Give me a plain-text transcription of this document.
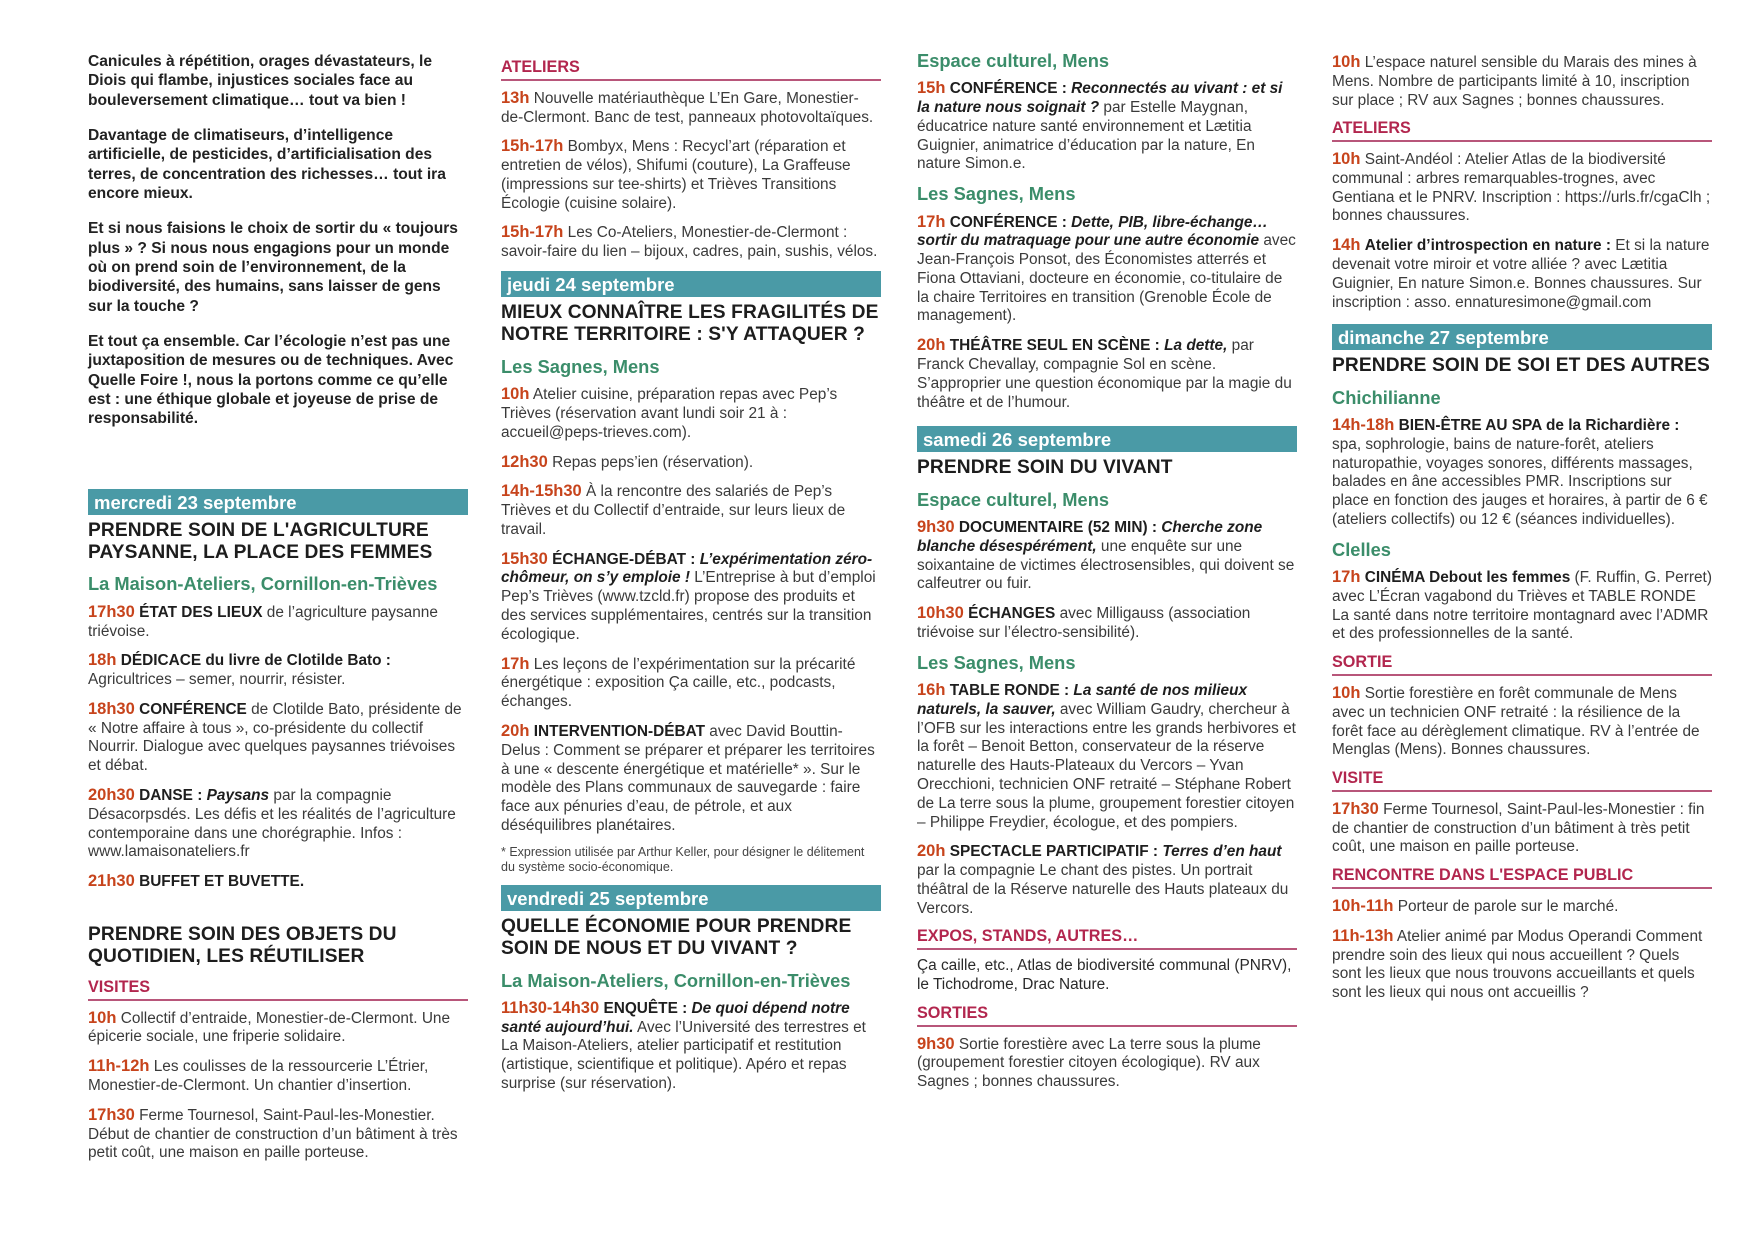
Canicules à répétition, orages dévastateurs, le Diois qui flambe, injustices sociales face au bouleversement climatique… tout va bien !

Davantage de climatiseurs, d’intelligence artificielle, de pesticides, d’artificialisation des terres, de concentration des richesses… tout ira encore mieux.

Et si nous faisions le choix de sortir du « toujours plus » ? Si nous nous engagions pour un monde où on prend soin de l’environnement, de la biodiversité, des humains, sans laisser de gens sur la touche ?

Et tout ça ensemble. Car l’écologie n’est pas une juxtaposition de mesures ou de techniques. Avec Quelle Foire !, nous la portons comme ce qu’elle est : une éthique globale et joyeuse de prise de responsabilité.

mercredi 23 septembre
PRENDRE SOIN DE L'AGRICULTURE PAYSANNE, LA PLACE DES FEMMES
La Maison-Ateliers, Cornillon-en-Trièves
17h30 ÉTAT DES LIEUX de l’agriculture paysanne triévoise.
18h DÉDICACE du livre de Clotilde Bato : Agricultrices – semer, nourrir, résister.
18h30 CONFÉRENCE de Clotilde Bato, présidente de « Notre affaire à tous », co-présidente du collectif Nourrir. Dialogue avec quelques paysannes triévoises et débat.
20h30 DANSE : Paysans par la compagnie Désacorpsdés. Les défis et les réalités de l’agriculture contemporaine dans une chorégraphie. Infos : www.lamaisonateliers.fr
21h30 BUFFET ET BUVETTE.
PRENDRE SOIN DES OBJETS DU QUOTIDIEN, LES RÉUTILISER
VISITES
10h Collectif d’entraide, Monestier-de-Clermont. Une épicerie sociale, une friperie solidaire.
11h-12h Les coulisses de la ressourcerie L’Étrier, Monestier-de-Clermont. Un chantier d’insertion.
17h30 Ferme Tournesol, Saint-Paul-les-Monestier. Début de chantier de construction d’un bâtiment à très petit coût, une maison en paille porteuse.
ATELIERS
13h Nouvelle matériauthèque L’En Gare, Monestier-de-Clermont. Banc de test, panneaux photovoltaïques.
15h-17h Bombyx, Mens : Recycl’art (réparation et entretien de vélos), Shifumi (couture), La Graffeuse (impressions sur tee-shirts) et Trièves Transitions Écologie (cuisine solaire).
15h-17h Les Co-Ateliers, Monestier-de-Clermont : savoir-faire du lien – bijoux, cadres, pain, sushis, vélos.
jeudi 24 septembre
MIEUX CONNAÎTRE LES FRAGILITÉS DE NOTRE TERRITOIRE : S'Y ATTAQUER ?
Les Sagnes, Mens
10h Atelier cuisine, préparation repas avec Pep’s Trièves (réservation avant lundi soir 21 à : accueil@peps-trieves.com).
12h30 Repas peps’ien (réservation).
14h-15h30 À la rencontre des salariés de Pep’s Trièves et du Collectif d’entraide, sur leurs lieux de travail.
15h30 ÉCHANGE-DÉBAT : L’expérimentation zéro-chômeur, on s’y emploie ! L’Entreprise à but d’emploi Pep’s Trièves (www.tzcld.fr) propose des produits et des services supplémentaires, centrés sur la transition écologique.
17h Les leçons de l’expérimentation sur la précarité énergétique : exposition Ça caille, etc., podcasts, échanges.
20h INTERVENTION-DÉBAT avec David Bouttin-Delus : Comment se préparer et préparer les territoires à une « descente énergétique et matérielle* ». Sur le modèle des Plans communaux de sauvegarde : faire face aux pénuries d’eau, de pétrole, et aux déséquilibres planétaires.
* Expression utilisée par Arthur Keller, pour désigner le délitement du système socio-économique.
vendredi 25 septembre
QUELLE ÉCONOMIE POUR PRENDRE SOIN DE NOUS ET DU VIVANT ?
La Maison-Ateliers, Cornillon-en-Trièves
11h30-14h30 ENQUÊTE : De quoi dépend notre santé aujourd’hui. Avec l’Université des terrestres et La Maison-Ateliers, atelier participatif et restitution (artistique, scientifique et politique). Apéro et repas surprise (sur réservation).
Espace culturel, Mens
15h CONFÉRENCE : Reconnectés au vivant : et si la nature nous soignait ? par Estelle Maygnan, éducatrice nature santé environnement et Lætitia Guignier, animatrice d’éducation par la nature, En nature Simon.e.
Les Sagnes, Mens
17h CONFÉRENCE : Dette, PIB, libre-échange… sortir du matraquage pour une autre économie avec Jean-François Ponsot, des Économistes atterrés et Fiona Ottaviani, docteure en économie, co-titulaire de la chaire Territoires en transition (Grenoble École de management).
20h THÉÂTRE SEUL EN SCÈNE : La dette, par Franck Chevallay, compagnie Sol en scène. S’approprier une question économique par la magie du théâtre et de l’humour.
samedi 26 septembre
PRENDRE SOIN DU VIVANT
Espace culturel, Mens
9h30 DOCUMENTAIRE (52 MIN) : Cherche zone blanche désespérément, une enquête sur une soixantaine de victimes électrosensibles, qui doivent se calfeutrer ou fuir.
10h30 ÉCHANGES avec Milligauss (association triévoise sur l’électro-sensibilité).
Les Sagnes, Mens
16h TABLE RONDE : La santé de nos milieux naturels, la sauver, avec William Gaudry, chercheur à l’OFB sur les interactions entre les grands herbivores et la forêt – Benoit Betton, conservateur de la réserve naturelle des Hauts-Plateaux du Vercors – Yvan Orecchioni, technicien ONF retraité – Stéphane Robert de La terre sous la plume, groupement forestier citoyen – Philippe Freydier, écologue, et des pompiers.
20h SPECTACLE PARTICIPATIF : Terres d’en haut par la compagnie Le chant des pistes. Un portrait théâtral de la Réserve naturelle des Hauts plateaux du Vercors.
EXPOS, STANDS, AUTRES…
Ça caille, etc., Atlas de biodiversité communal (PNRV), le Tichodrome, Drac Nature.
SORTIES
9h30 Sortie forestière avec La terre sous la plume (groupement forestier citoyen écologique). RV aux Sagnes ; bonnes chaussures.
10h L’espace naturel sensible du Marais des mines à Mens. Nombre de participants limité à 10, inscription sur place ; RV aux Sagnes ; bonnes chaussures.
ATELIERS
10h Saint-Andéol : Atelier Atlas de la biodiversité communal : arbres remarquables-trognes, avec Gentiana et le PNRV. Inscription : https://urls.fr/cgaClh ; bonnes chaussures.
14h Atelier d’introspection en nature : Et si la nature devenait votre miroir et votre alliée ? avec Lætitia Guignier, En nature Simon.e. Bonnes chaussures. Sur inscription : asso. ennaturesimone@gmail.com
dimanche 27 septembre
PRENDRE SOIN DE SOI ET DES AUTRES
Chichilianne
14h-18h BIEN-ÊTRE AU SPA de la Richardière : spa, sophrologie, bains de nature-forêt, ateliers naturopathie, voyages sonores, différents massages, balades en âne accessibles PMR. Inscriptions sur place en fonction des jauges et horaires, à partir de 6 € (ateliers collectifs) ou 12 € (séances individuelles).
Clelles
17h CINÉMA Debout les femmes (F. Ruffin, G. Perret) avec L’Écran vagabond du Trièves et TABLE RONDE La santé dans notre territoire montagnard avec l’ADMR et des professionnelles de la santé.
SORTIE
10h Sortie forestière en forêt communale de Mens avec un technicien ONF retraité : la résilience de la forêt face au dérèglement climatique. RV à l’entrée de Menglas (Mens). Bonnes chaussures.
VISITE
17h30 Ferme Tournesol, Saint-Paul-les-Monestier : fin de chantier de construction d’un bâtiment à très petit coût, une maison en paille porteuse.
RENCONTRE DANS L'ESPACE PUBLIC
10h-11h Porteur de parole sur le marché.
11h-13h Atelier animé par Modus Operandi Comment prendre soin des lieux qui nous accueillent ? Quels sont les lieux que nous trouvons accueillants et quels sont les lieux qui nous ont accueillis ?
